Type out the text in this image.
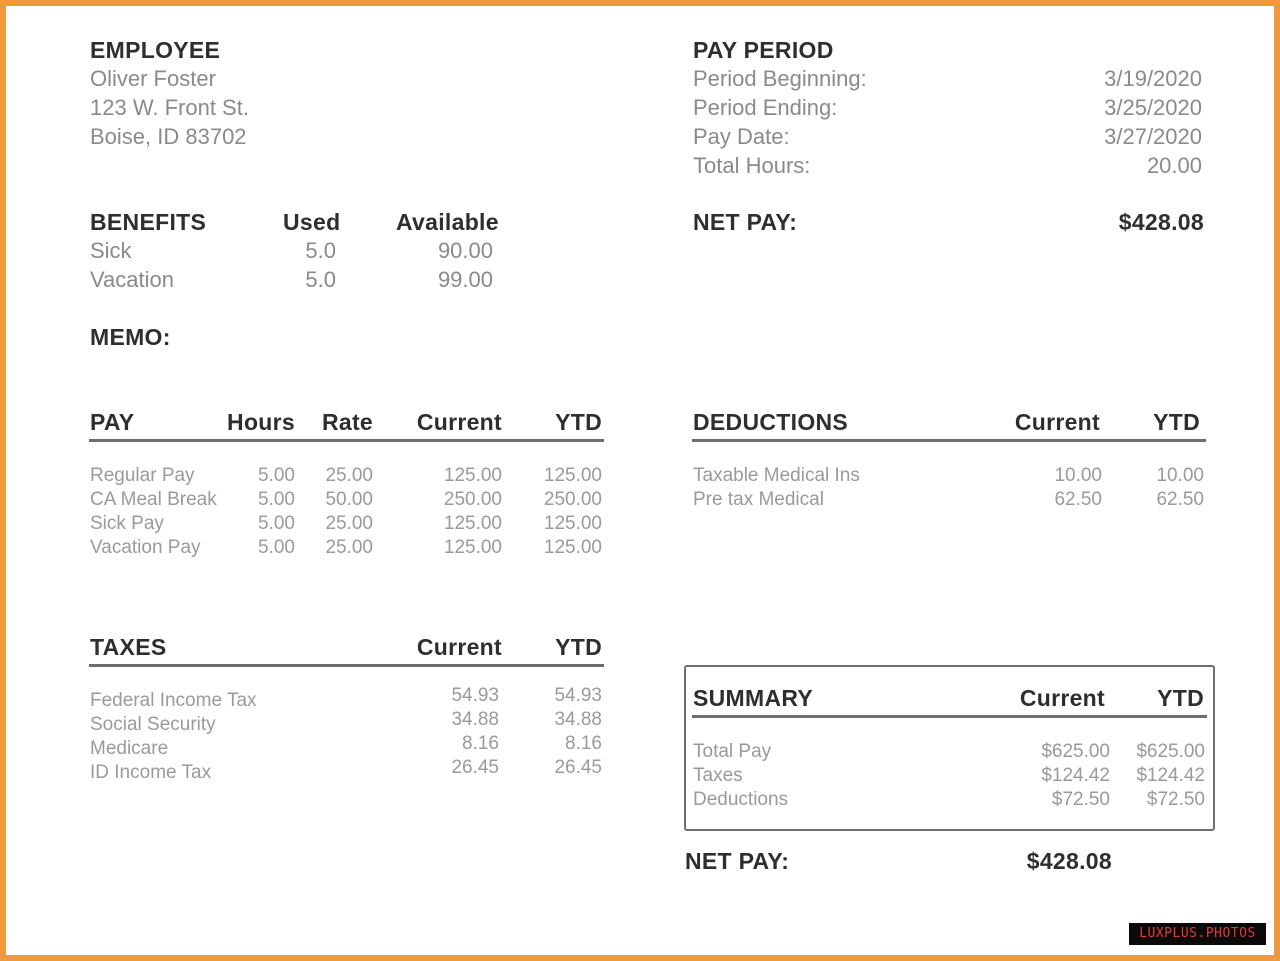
EMPLOYEE
Oliver Foster
123 W. Front St.
Boise, ID 83702
PAY PERIOD
Period Beginning:	3/19/2020
Period Ending:	3/25/2020
Pay Date:	3/27/2020
Total Hours:	20.00
NET PAY:	$428.08
BENEFITS	Used Available
Sick	5.0	90.00
Vacation	5.0	99.00
MEMO:
PAY	Hours	Rate	Current	YTD
Regular Pay	5.00	25.00	125.00	125.00
CA Meal Break	5.00	50.00	250.00	250.00
Sick Pay	5.00	25.00	125.00	125.00
Vacation Pay	5.00	25.00	125.00	125.00
DEDUCTIONS	Current	YTD
Taxable Medical Ins	10.00	10.00
Pre tax Medical	62.50	62.50
TAXES	Current	YTD
Federal Income Tax	54.93	54.93
Social Security	34.88	34.88
Medicare	8.16	8.16
ID Income Tax	26.45	26.45
SUMMARY	Current	YTD
Total Pay	$625.00	$625.00
Taxes	$124.42	$124.42
Deductions	$72.50	$72.50
NET PAY:	$428.08
LUXPLUS.PHOTOS
